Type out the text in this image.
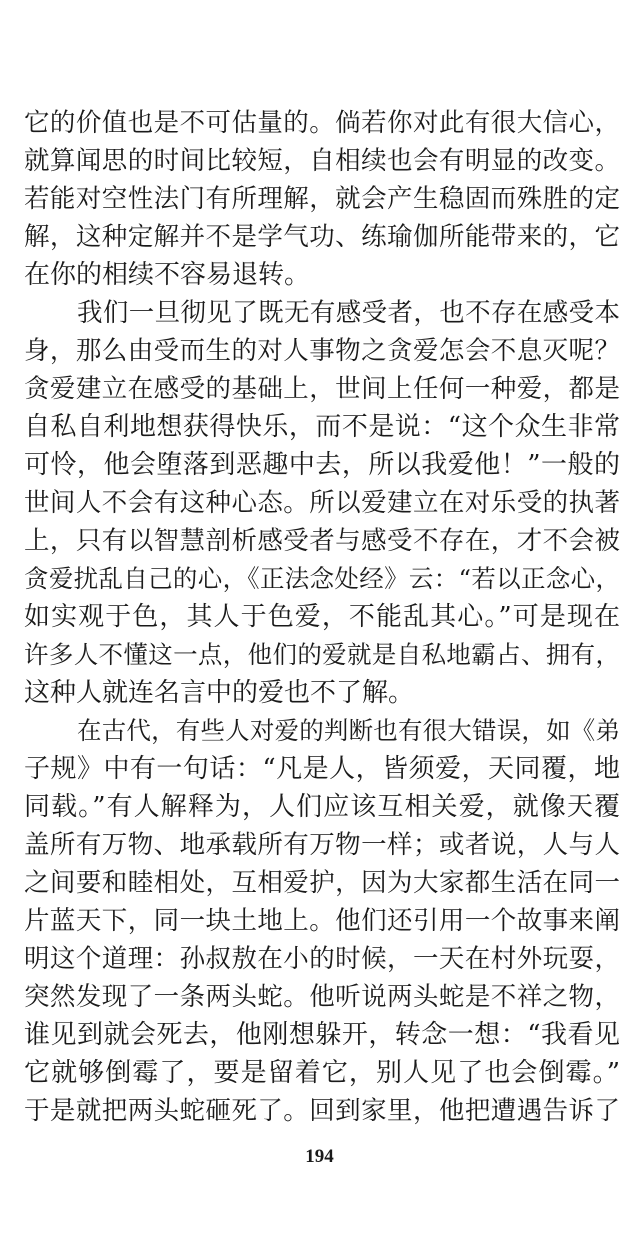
它的价值也是不可估量的。倘若你对此有很大信心，
就算闻思的时间比较短，自相续也会有明显的改变。
若能对空性法门有所理解，就会产生稳固而殊胜的定
解，这种定解并不是学气功、练瑜伽所能带来的，它
在你的相续不容易退转。
我们一旦彻见了既无有感受者，也不存在感受本
身，那么由受而生的对人事物之贪爱怎会不息灭呢？
贪爱建立在感受的基础上，世间上任何一种爱，都是
自私自利地想获得快乐，而不是说：“这个众生非常
可怜，他会堕落到恶趣中去，所以我爱他！”一般的
世间人不会有这种心态。所以爱建立在对乐受的执著
上，只有以智慧剖析感受者与感受不存在，才不会被
贪爱扰乱自己的心，《正法念处经》云：“若以正念心，
如实观于色，其人于色爱，不能乱其心。”可是现在
许多人不懂这一点，他们的爱就是自私地霸占、拥有，
这种人就连名言中的爱也不了解。
在古代，有些人对爱的判断也有很大错误，如《弟
子规》中有一句话：“凡是人，皆须爱，天同覆，地
同载。”有人解释为，人们应该互相关爱，就像天覆
盖所有万物、地承载所有万物一样；或者说，人与人
之间要和睦相处，互相爱护，因为大家都生活在同一
片蓝天下，同一块土地上。他们还引用一个故事来阐
明这个道理：孙叔敖在小的时候，一天在村外玩耍，
突然发现了一条两头蛇。他听说两头蛇是不祥之物，
谁见到就会死去，他刚想躲开，转念一想：“我看见
它就够倒霉了，要是留着它，别人见了也会倒霉。”
于是就把两头蛇砸死了。回到家里，他把遭遇告诉了
194
